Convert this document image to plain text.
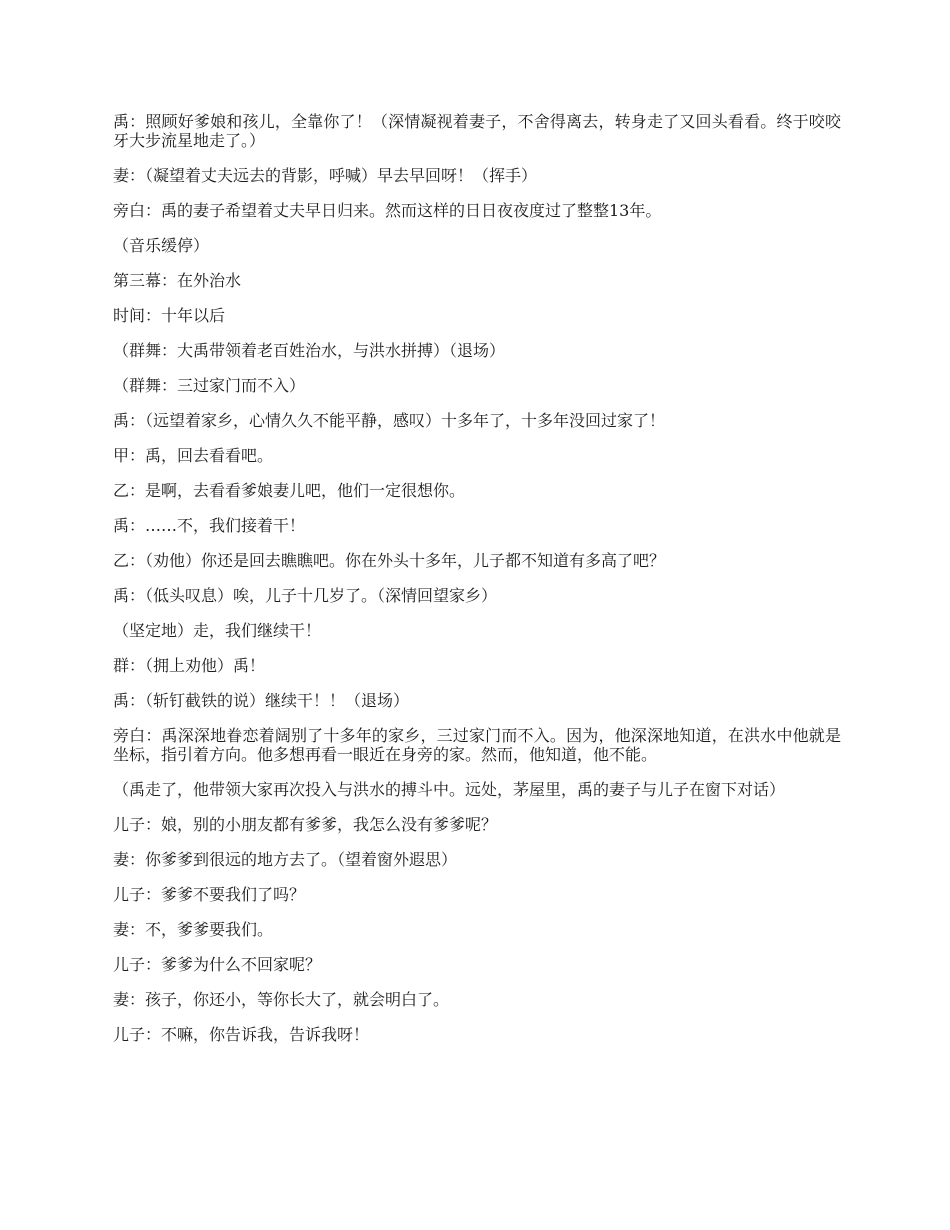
禹：照顾好爹娘和孩儿，全靠你了！（深情凝视着妻子，不舍得离去，转身走了又回头看看。终于咬咬牙大步流星地走了。）

妻：（凝望着丈夫远去的背影，呼喊）早去早回呀！（挥手）

旁白：禹的妻子希望着丈夫早日归来。然而这样的日日夜夜度过了整整13年。

（音乐缓停）

第三幕：在外治水

时间：十年以后

（群舞：大禹带领着老百姓治水，与洪水拼搏）（退场）

（群舞：三过家门而不入）

禹：（远望着家乡，心情久久不能平静，感叹）十多年了，十多年没回过家了！

甲：禹，回去看看吧。

乙：是啊，去看看爹娘妻儿吧，他们一定很想你。

禹：……不，我们接着干！

乙：（劝他）你还是回去瞧瞧吧。你在外头十多年，儿子都不知道有多高了吧？

禹：（低头叹息）唉，儿子十几岁了。（深情回望家乡）

（坚定地）走，我们继续干！

群：（拥上劝他）禹！

禹：（斩钉截铁的说）继续干！！（退场）

旁白：禹深深地眷恋着阔别了十多年的家乡，三过家门而不入。因为，他深深地知道，在洪水中他就是坐标，指引着方向。他多想再看一眼近在身旁的家。然而，他知道，他不能。

（禹走了，他带领大家再次投入与洪水的搏斗中。远处，茅屋里，禹的妻子与儿子在窗下对话）

儿子：娘，别的小朋友都有爹爹，我怎么没有爹爹呢？

妻：你爹爹到很远的地方去了。（望着窗外遐思）

儿子：爹爹不要我们了吗？

妻：不，爹爹要我们。

儿子：爹爹为什么不回家呢？

妻：孩子，你还小，等你长大了，就会明白了。

儿子：不嘛，你告诉我，告诉我呀！
